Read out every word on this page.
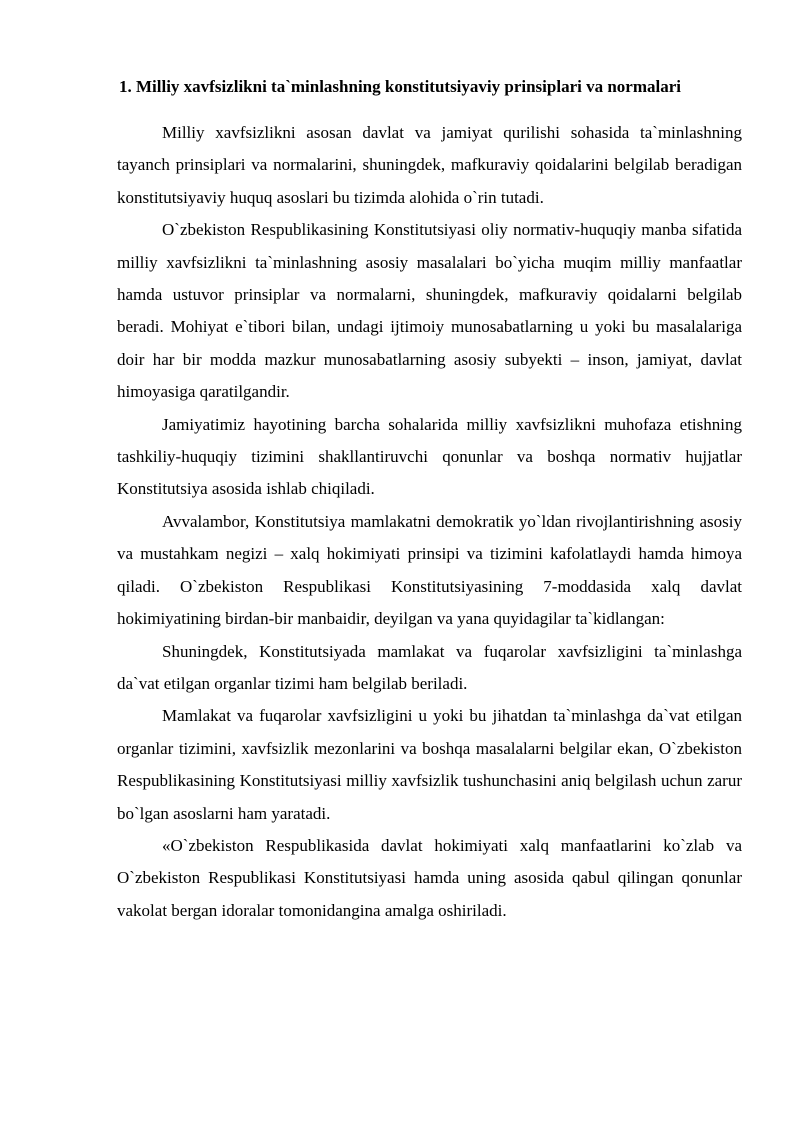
1. Milliy xavfsizlikni ta`minlashning konstitutsiyaviy prinsiplari va normalari

Milliy xavfsizlikni asosan davlat va jamiyat qurilishi sohasida ta`minlashning tayanch prinsiplari va normalarini, shuningdek, mafkuraviy qoidalarini belgilab beradigan konstitutsiyaviy huquq asoslari bu tizimda alohida o`rin tutadi.

O`zbekiston Respublikasining Konstitutsiyasi oliy normativ-huquqiy manba sifatida milliy xavfsizlikni ta`minlashning asosiy masalalari bo`yicha muqim milliy manfaatlar hamda ustuvor prinsiplar va normalarni, shuningdek, mafkuraviy qoidalarni belgilab beradi. Mohiyat e`tibori bilan, undagi ijtimoiy munosabatlarning u yoki bu masalalariga doir har bir modda mazkur munosabatlarning asosiy subyekti – inson, jamiyat, davlat himoyasiga qaratilgandir.

Jamiyatimiz hayotining barcha sohalarida milliy xavfsizlikni muhofaza etishning tashkiliy-huquqiy tizimini shakllantiruvchi qonunlar va boshqa normativ hujjatlar Konstitutsiya asosida ishlab chiqiladi.

Avvalambor, Konstitutsiya mamlakatni demokratik yo`ldan rivojlantirishning asosiy va mustahkam negizi – xalq hokimiyati prinsipi va tizimini kafolatlaydi hamda himoya qiladi. O`zbekiston Respublikasi Konstitutsiyasining 7-moddasida xalq davlat hokimiyatining birdan-bir manbaidir, deyilgan va yana quyidagilar ta`kidlangan:

Shuningdek, Konstitutsiyada mamlakat va fuqarolar xavfsizligini ta`minlashga da`vat etilgan organlar tizimi ham belgilab beriladi.

Mamlakat va fuqarolar xavfsizligini u yoki bu jihatdan ta`minlashga da`vat etilgan organlar tizimini, xavfsizlik mezonlarini va boshqa masalalarni belgilar ekan, O`zbekiston Respublikasining Konstitutsiyasi milliy xavfsizlik tushunchasini aniq belgilash uchun zarur bo`lgan asoslarni ham yaratadi.

«O`zbekiston Respublikasida davlat hokimiyati xalq manfaatlarini ko`zlab va O`zbekiston Respublikasi Konstitutsiyasi hamda uning asosida qabul qilingan qonunlar vakolat bergan idoralar tomonidangina amalga oshiriladi.
